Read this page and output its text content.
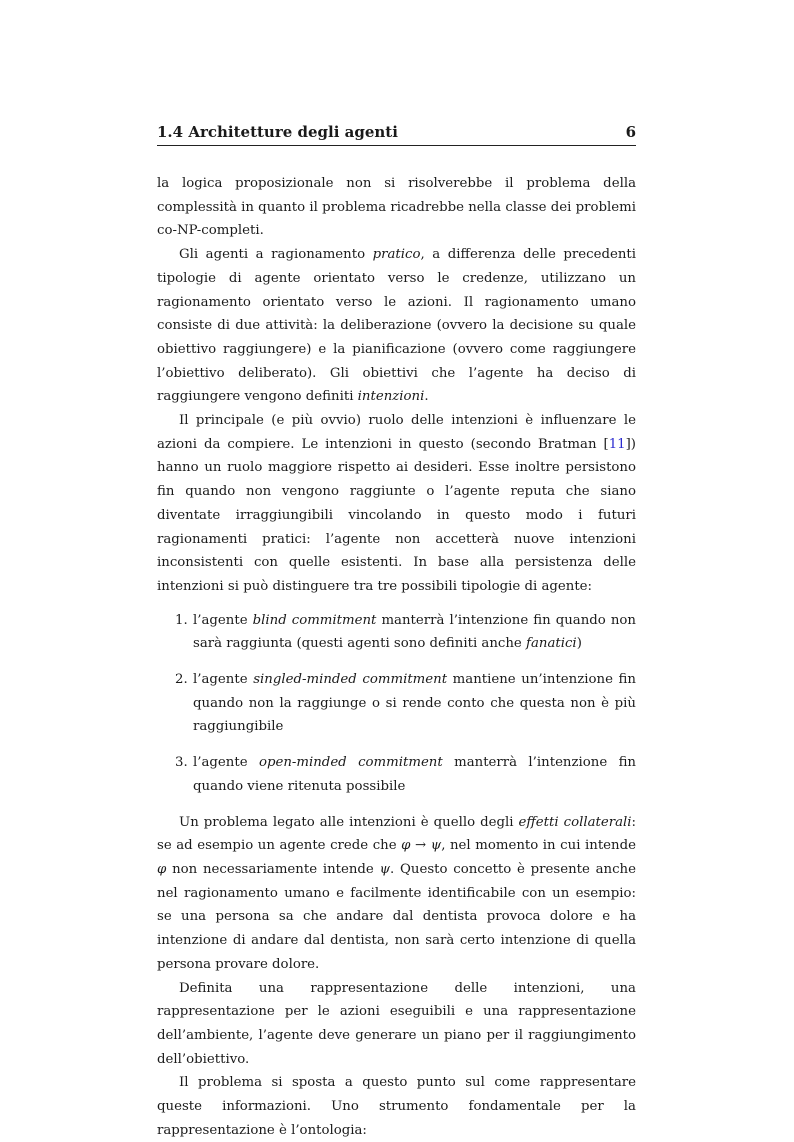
1.4 Architetture degli agenti	6

la logica proposizionale non si risolverebbe il problema della complessità in quanto il problema ricadrebbe nella classe dei problemi co-NP-completi.

Gli agenti a ragionamento pratico, a differenza delle precedenti tipologie di agente orientato verso le credenze, utilizzano un ragionamento orientato verso le azioni. Il ragionamento umano consiste di due attività: la deliberazione (ovvero la decisione su quale obiettivo raggiungere) e la pianificazione (ovvero come raggiungere l’obiettivo deliberato). Gli obiettivi che l’agente ha deciso di raggiungere vengono definiti intenzioni.

Il principale (e più ovvio) ruolo delle intenzioni è influenzare le azioni da compiere. Le intenzioni in questo (secondo Bratman [11]) hanno un ruolo maggiore rispetto ai desideri. Esse inoltre persistono fin quando non vengono raggiunte o l’agente reputa che siano diventate irraggiungibili vincolando in questo modo i futuri ragionamenti pratici: l’agente non accetterà nuove intenzioni inconsistenti con quelle esistenti. In base alla persistenza delle intenzioni si può distinguere tra tre possibili tipologie di agente:

1. l’agente blind commitment manterrà l’intenzione fin quando non sarà raggiunta (questi agenti sono definiti anche fanatici)
2. l’agente singled-minded commitment mantiene un’intenzione fin quando non la raggiunge o si rende conto che questa non è più raggiungibile
3. l’agente open-minded commitment manterrà l’intenzione fin quando viene ritenuta possibile

Un problema legato alle intenzioni è quello degli effetti collaterali: se ad esempio un agente crede che φ → ψ, nel momento in cui intende φ non necessariamente intende ψ. Questo concetto è presente anche nel ragionamento umano e facilmente identificabile con un esempio: se una persona sa che andare dal dentista provoca dolore e ha intenzione di andare dal dentista, non sarà certo intenzione di quella persona provare dolore.

Definita una rappresentazione delle intenzioni, una rappresentazione per le azioni eseguibili e una rappresentazione dell’ambiente, l’agente deve generare un piano per il raggiungimento dell’obiettivo.

Il problema si sposta a questo punto sul come rappresentare queste informazioni. Uno strumento fondamentale per la rappresentazione è l’ontologia:
